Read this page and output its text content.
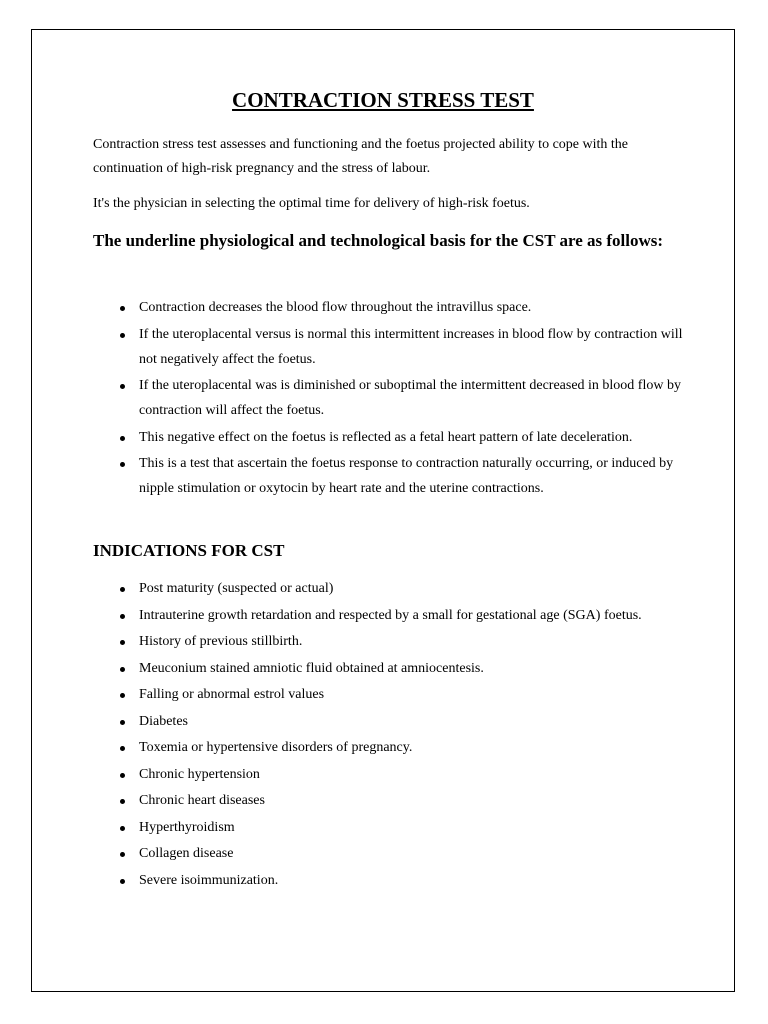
CONTRACTION STRESS TEST

Contraction stress test assesses and functioning and the foetus projected ability to cope with the continuation of high-risk pregnancy and the stress of labour.

It's the physician in selecting the optimal time for delivery of high-risk foetus.

The underline physiological and technological basis for the CST are as follows:
Contraction decreases the blood flow throughout the intravillus space.
If the uteroplacental versus is normal this intermittent increases in blood flow by contraction will not negatively affect the foetus.
If the uteroplacental was is diminished or suboptimal the intermittent decreased in blood flow by contraction will affect the foetus.
This negative effect on the foetus is reflected as a fetal heart pattern of late deceleration.
This is a test that ascertain the foetus response to contraction naturally occurring, or induced by nipple stimulation or oxytocin by heart rate and the uterine contractions.
INDICATIONS FOR CST
Post maturity (suspected or actual)
Intrauterine growth retardation and respected by a small for gestational age (SGA) foetus.
History of previous stillbirth.
Meuconium stained amniotic fluid obtained at amniocentesis.
Falling or abnormal estrol values
Diabetes
Toxemia or hypertensive disorders of pregnancy.
Chronic hypertension
Chronic heart diseases
Hyperthyroidism
Collagen disease
Severe isoimmunization.
